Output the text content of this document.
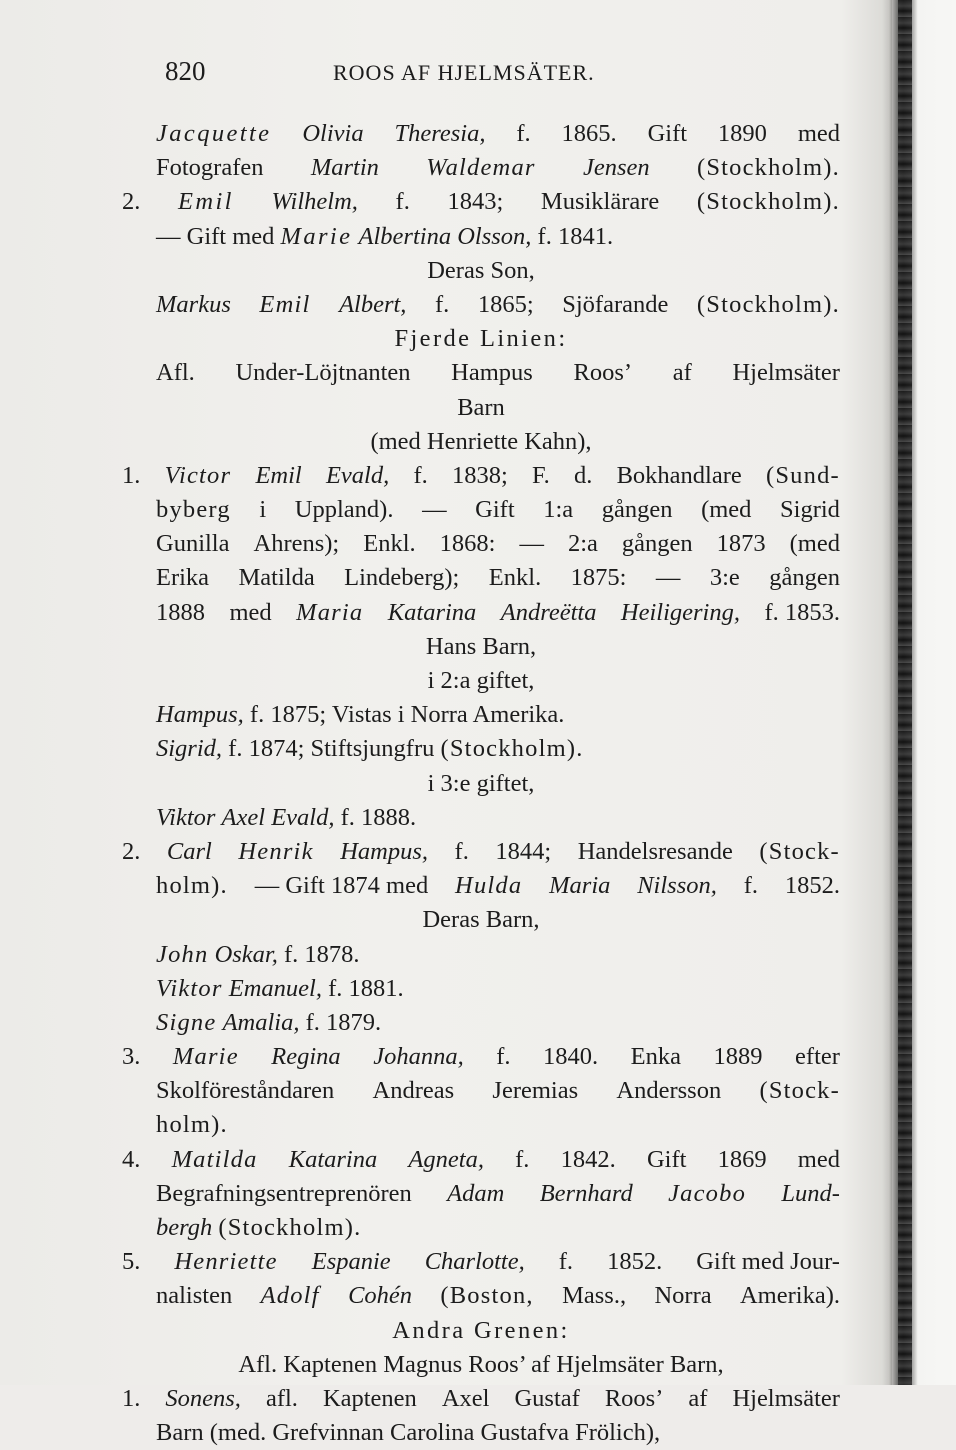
820	ROOS AF HJELMSÄTER.
Jacquette Olivia Theresia, f. 1865. Gift 1890 med
Fotografen Martin Waldemar Jensen (Stockholm).
2. Emil Wilhelm, f. 1843; Musiklärare (Stockholm).
— Gift med Marie Albertina Olsson, f. 1841.
Deras Son,
Markus Emil Albert, f. 1865; Sjöfarande (Stockholm).
Fjerde Linien:
Afl. Under-Löjtnanten Hampus Roos’ af Hjelmsäter
Barn
(med Henriette Kahn),
1. Victor Emil Evald, f. 1838; F. d. Bokhandlare (Sund-
byberg i Uppland). — Gift 1:a gången (med Sigrid
Gunilla Ahrens); Enkl. 1868: — 2:a gången 1873 (med
Erika Matilda Lindeberg); Enkl. 1875: — 3:e gången
1888 med Maria Katarina Andreëtta Heiligering, f. 1853.
Hans Barn,
i 2:a giftet,
Hampus, f. 1875; Vistas i Norra Amerika.
Sigrid, f. 1874; Stiftsjungfru (Stockholm).
i 3:e giftet,
Viktor Axel Evald, f. 1888.
2. Carl Henrik Hampus, f. 1844; Handelsresande (Stock-
holm). — Gift 1874 med Hulda Maria Nilsson, f. 1852.
Deras Barn,
John Oskar, f. 1878.
Viktor Emanuel, f. 1881.
Signe Amalia, f. 1879.
3. Marie Regina Johanna, f. 1840. Enka 1889 efter
Skolföreståndaren Andreas Jeremias Andersson (Stock-
holm).
4. Matilda Katarina Agneta, f. 1842. Gift 1869 med
Begrafningsentreprenören Adam Bernhard Jacobo Lund-
bergh (Stockholm).
5. Henriette Espanie Charlotte, f. 1852. Gift med Jour-
nalisten Adolf Cohén (Boston, Mass., Norra Amerika).
Andra Grenen:
Afl. Kaptenen Magnus Roos’ af Hjelmsäter Barn,
1. Sonens, afl. Kaptenen Axel Gustaf Roos’ af Hjelmsäter
Barn (med. Grefvinnan Carolina Gustafva Frölich),
